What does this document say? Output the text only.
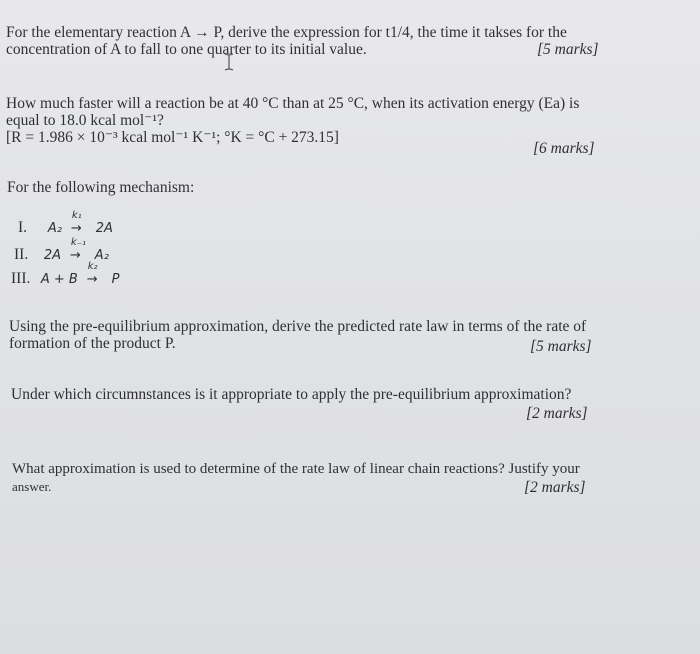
For the elementary reaction A → P, derive the expression for t1/4, the time it takses for the
concentration of A to fall to one quarter to its initial value.	[5 marks]
How much faster will a reaction be at 40 °C than at 25 °C, when its activation energy (Ea) is
equal to 18.0 kcal mol⁻¹?
[R = 1.986 × 10⁻³ kcal mol⁻¹ K⁻¹; °K = °C + 273.15]
[6 marks]
For the following mechanism:
I. A₂
k₁
→ 2A
II. 2A
k₋₁
→ A₂
III. A + B
k₂
→ P
Using the pre-equilibrium approximation, derive the predicted rate law in terms of the rate of
formation of the product P.	[5 marks]
Under which circumnstances is it appropriate to apply the pre-equilibrium approximation?
[2 marks]
What approximation is used to determine of the rate law of linear chain reactions? Justify your
answer.	[2 marks]
